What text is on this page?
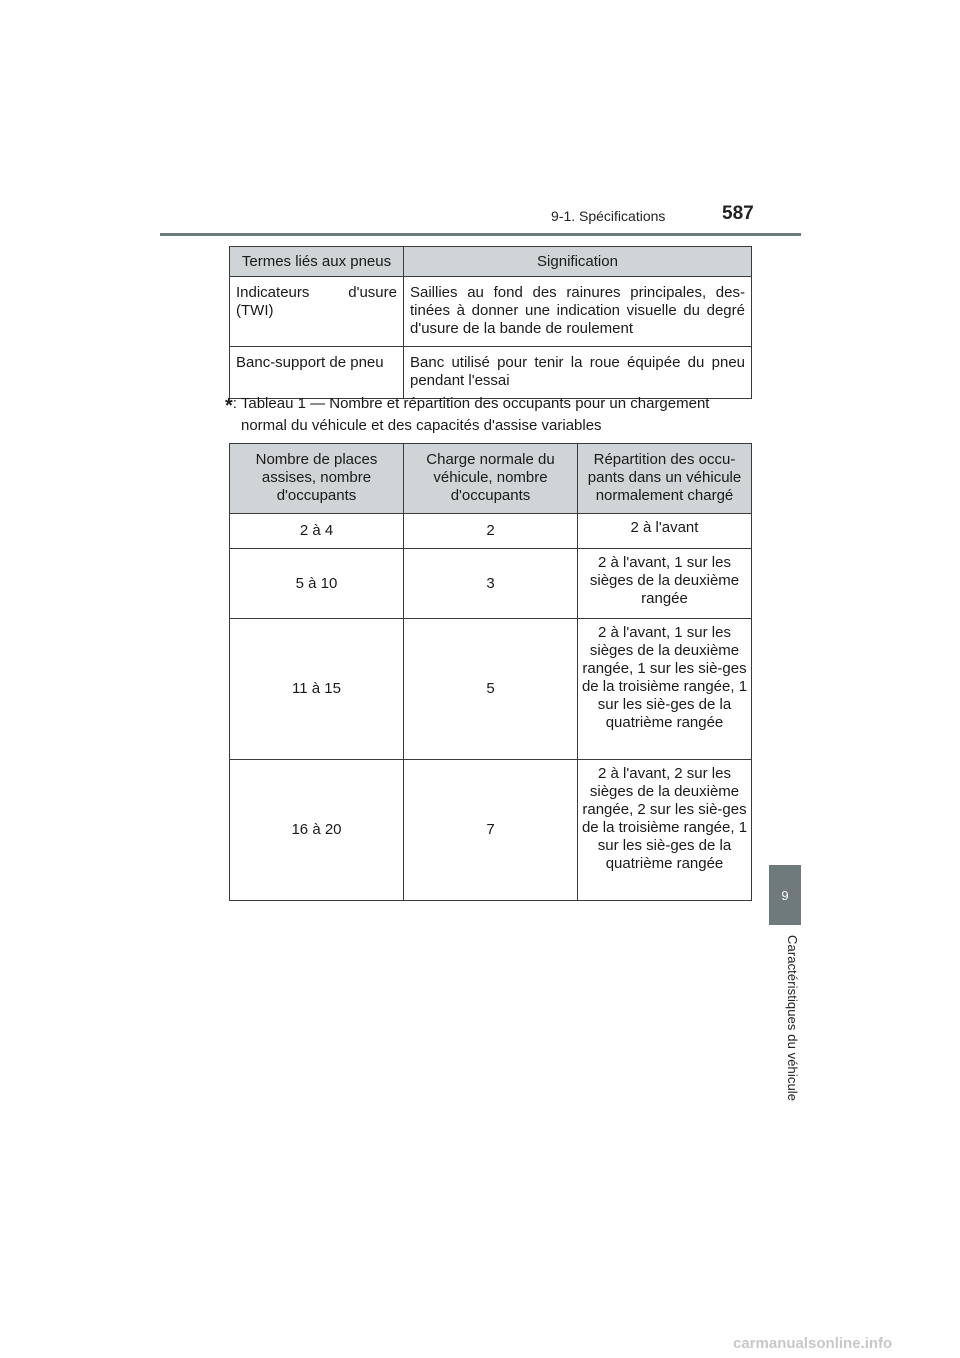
9-1. Spécifications	587
9
Caractéristiques du véhicule
Termes liés aux pneus	Signification
Indicateurs d'usure (TWI)	Saillies au fond des rainures principales, des-tinées à donner une indication visuelle du degré d'usure de la bande de roulement
Banc-support de pneu	Banc utilisé pour tenir la roue équipée du pneu pendant l'essai
*: Tableau 1 — Nombre et répartition des occupants pour un chargement
normal du véhicule et des capacités d'assise variables
Nombre de places assises, nombre d'occupants	Charge normale du véhicule, nombre d'occupants	Répartition des occu-pants dans un véhicule normalement chargé
2 à 4	2	2 à l'avant
5 à 10	3	2 à l'avant, 1 sur les sièges de la deuxième rangée
11 à 15	5	2 à l'avant, 1 sur les sièges de la deuxième rangée, 1 sur les siè-ges de la troisième rangée, 1 sur les siè-ges de la quatrième rangée
16 à 20	7	2 à l'avant, 2 sur les sièges de la deuxième rangée, 2 sur les siè-ges de la troisième rangée, 1 sur les siè-ges de la quatrième rangée
carmanualsonline.info
